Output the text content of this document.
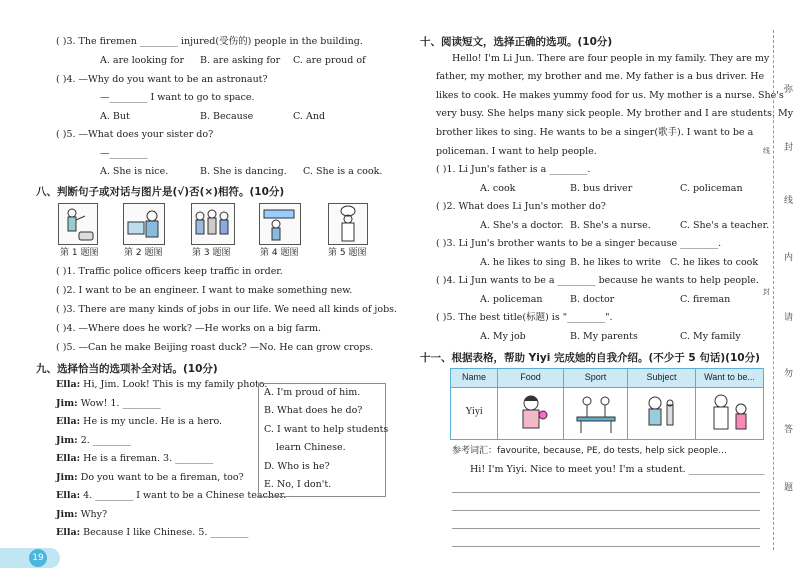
( )3. The firemen ________ injured(受伤的) people in the building.
A. are looking for B. are asking for C. are proud of
( )4. —Why do you want to be an astronaut?
—________ I want to go to space.
A. But	B. Because	C. And
( )5. —What does your sister do?
—________
A. She is nice.	B. She is dancing. C. She is a cook.
八、判断句子或对话与图片是(√)否(×)相符。(10分)
第 1 题图	第 2 题图	第 3 题图	第 4 题图	第 5 题图
( )1. Traffic police officers keep traffic in order.
( )2. I want to be an engineer. I want to make something new.
( )3. There are many kinds of jobs in our life. We need all kinds of jobs.
( )4. —Where does he work? —He works on a big farm.
( )5. —Can he make Beijing roast duck? —No. He can grow crops.
九、选择恰当的选项补全对话。(10分)
Ella: Hi, Jim. Look! This is my family photo.
Jim: Wow! 1. ________
Ella: He is my uncle. He is a hero.
Jim: 2. ________
Ella: He is a fireman. 3. ________
Jim: Do you want to be a fireman, too?
Ella: 4. ________ I want to be a Chinese teacher.
Jim: Why?
Ella: Because I like Chinese. 5. ________
A. I'm proud of him.
B. What does he do?
C. I want to help students
learn Chinese.
D. Who is he?
E. No, I don't.
19
十、阅读短文，选择正确的选项。(10分)
Hello! I'm Li Jun. There are four people in my family. They are my
father, my mother, my brother and me. My father is a bus driver. He
likes to cook. He makes yummy food for us. My mother is a nurse. She's
very busy. She helps many sick people. My brother and I are students. My
brother likes to sing. He wants to be a singer(歌手). I want to be a
policeman. I want to help people.
( )1. Li Jun's father is a ________.
A. cook	B. bus driver	C. policeman
( )2. What does Li Jun's mother do?
A. She's a doctor. B. She's a nurse.	C. She's a teacher.
( )3. Li Jun's brother wants to be a singer because ________.
A. he likes to sing B. he likes to write C. he likes to cook
( )4. Li Jun wants to be a ________ because he wants to help people.
A. policeman	B. doctor	C. fireman
( )5. The best title(标题) is "________".
A. My job	B. My parents	C. My family
十一、根据表格，帮助 Yiyi 完成她的自我介绍。(不少于 5 句话)(10分)
Name	Food	Sport	Subject	Want to be...
Yiyi
参考词汇：favourite, because, PE, do tests, help sick people...
Hi! I'm Yiyi. Nice to meet you! I'm a student. ________________
弥
封
线
内
请
勿
答
题
线
封
